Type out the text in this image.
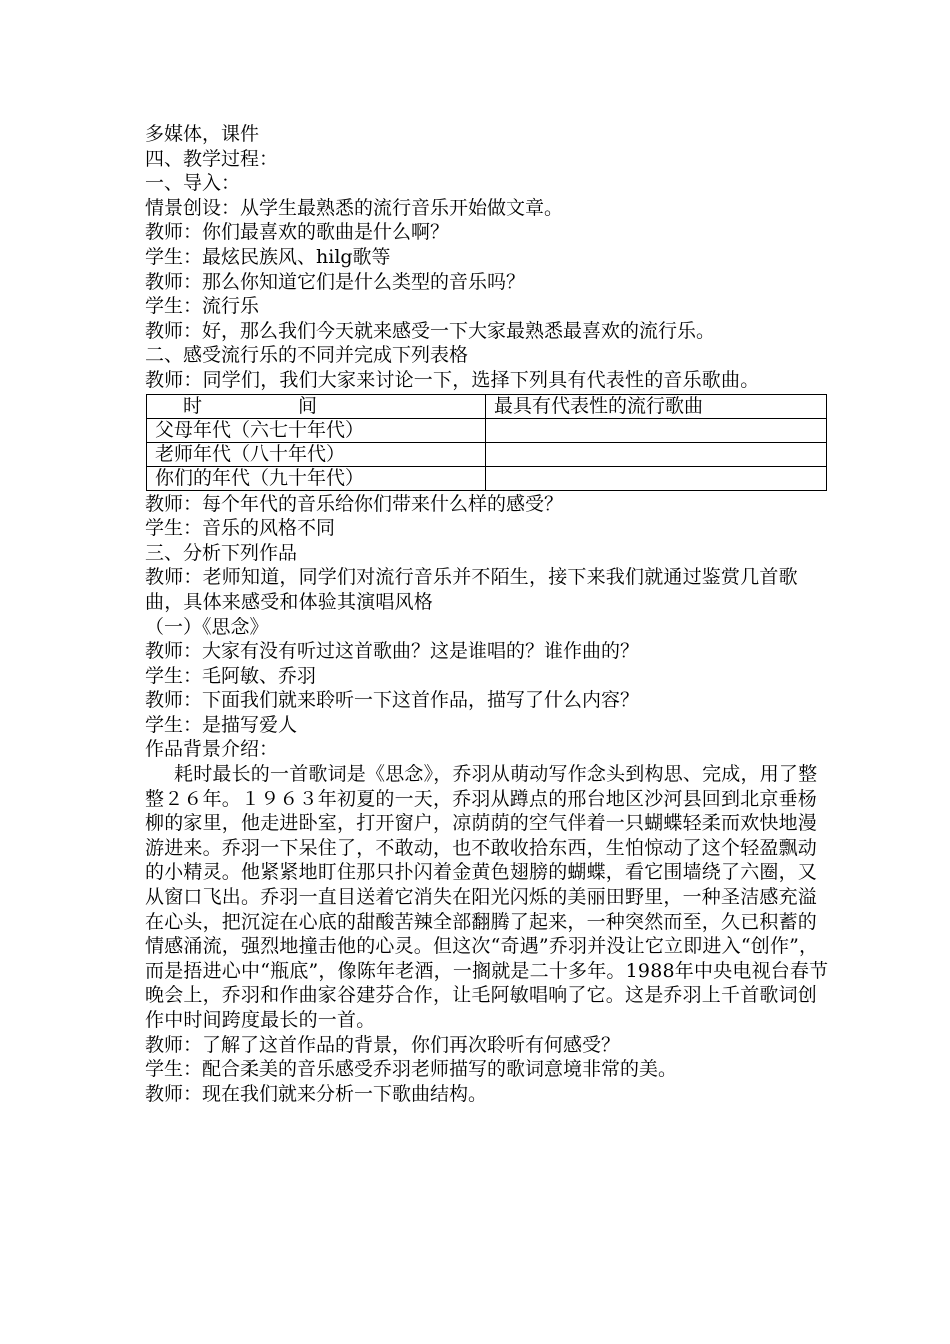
多媒体，课件
四、教学过程：
一、导入：
情景创设：从学生最熟悉的流行音乐开始做文章。
教师：你们最喜欢的歌曲是什么啊？
学生：最炫民族风、hilg歌等
教师：那么你知道它们是什么类型的音乐吗？
学生：流行乐
教师：好，那么我们今天就来感受一下大家最熟悉最喜欢的流行乐。
二、感受流行乐的不同并完成下列表格
教师：同学们，我们大家来讨论一下，选择下列具有代表性的音乐歌曲。
时 间	最具有代表性的流行歌曲
父母年代（六七十年代）	
老师年代（八十年代）	
你们的年代（九十年代）	
教师：每个年代的音乐给你们带来什么样的感受？
学生：音乐的风格不同
三、分析下列作品
教师：老师知道，同学们对流行音乐并不陌生，接下来我们就通过鉴赏几首歌曲，具体来感受和体验其演唱风格
（一）《思念》
教师：大家有没有听过这首歌曲？这是谁唱的？谁作曲的？
学生：毛阿敏、乔羽
教师：下面我们就来聆听一下这首作品，描写了什么内容？
学生：是描写爱人
作品背景介绍：
耗时最长的一首歌词是《思念》，乔羽从萌动写作念头到构思、完成，用了整整２６年。１９６３年初夏的一天，乔羽从蹲点的邢台地区沙河县回到北京垂杨柳的家里，他走进卧室，打开窗户，凉荫荫的空气伴着一只蝴蝶轻柔而欢快地漫游进来。乔羽一下呆住了，不敢动，也不敢收拾东西，生怕惊动了这个轻盈飘动的小精灵。他紧紧地盯住那只扑闪着金黄色翅膀的蝴蝶，看它围墙绕了六圈，又从窗口飞出。乔羽一直目送着它消失在阳光闪烁的美丽田野里，一种圣洁感充溢在心头，把沉淀在心底的甜酸苦辣全部翻腾了起来，一种突然而至，久已积蓄的情感涌流，强烈地撞击他的心灵。但这次“奇遇”乔羽并没让它立即进入“创作”，而是捂进心中“瓶底”，像陈年老酒，一搁就是二十多年。1988年中央电视台春节晚会上，乔羽和作曲家谷建芬合作，让毛阿敏唱响了它。这是乔羽上千首歌词创作中时间跨度最长的一首。
教师：了解了这首作品的背景，你们再次聆听有何感受？
学生：配合柔美的音乐感受乔羽老师描写的歌词意境非常的美。
教师：现在我们就来分析一下歌曲结构。
